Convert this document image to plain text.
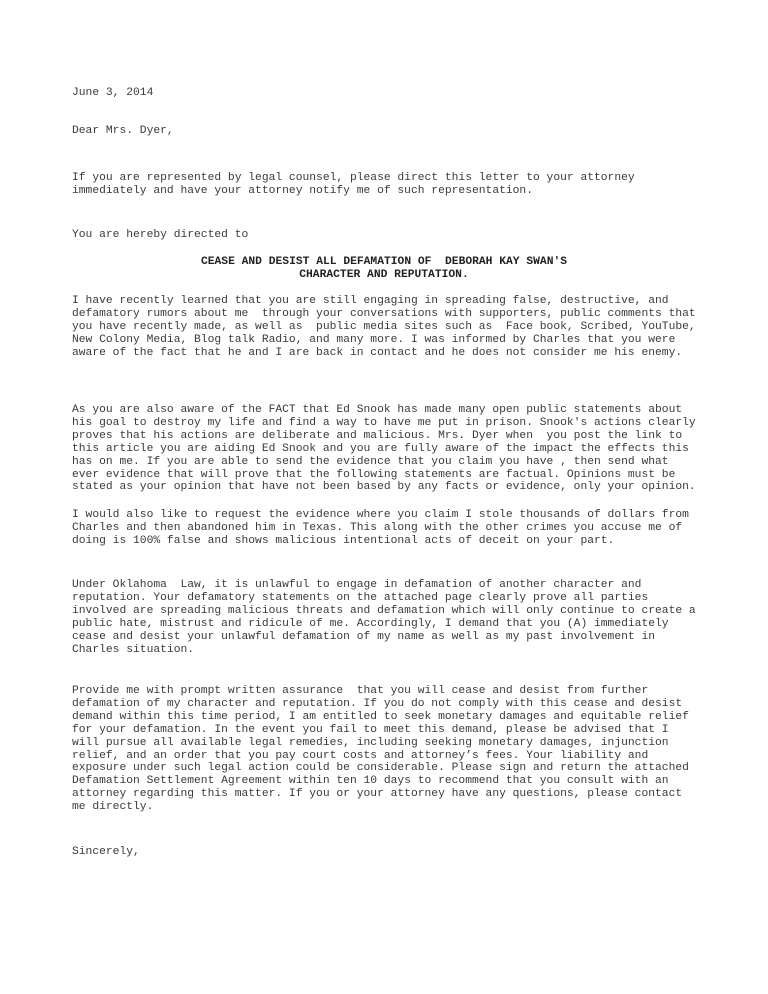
June 3, 2014
Dear Mrs. Dyer,
If you are represented by legal counsel, please direct this letter to your attorney
immediately and have your attorney notify me of such representation.
You are hereby directed to
CEASE AND DESIST ALL DEFAMATION OF  DEBORAH KAY SWAN'S
CHARACTER AND REPUTATION.
I have recently learned that you are still engaging in spreading false, destructive, and
defamatory rumors about me  through your conversations with supporters, public comments that
you have recently made, as well as  public media sites such as  Face book, Scribed, YouTube,
New Colony Media, Blog talk Radio, and many more. I was informed by Charles that you were
aware of the fact that he and I are back in contact and he does not consider me his enemy.
As you are also aware of the FACT that Ed Snook has made many open public statements about
his goal to destroy my life and find a way to have me put in prison. Snook's actions clearly
proves that his actions are deliberate and malicious. Mrs. Dyer when  you post the link to
this article you are aiding Ed Snook and you are fully aware of the impact the effects this
has on me. If you are able to send the evidence that you claim you have , then send what
ever evidence that will prove that the following statements are factual. Opinions must be
stated as your opinion that have not been based by any facts or evidence, only your opinion.
I would also like to request the evidence where you claim I stole thousands of dollars from
Charles and then abandoned him in Texas. This along with the other crimes you accuse me of
doing is 100% false and shows malicious intentional acts of deceit on your part.
Under Oklahoma  Law, it is unlawful to engage in defamation of another character and
reputation. Your defamatory statements on the attached page clearly prove all parties
involved are spreading malicious threats and defamation which will only continue to create a
public hate, mistrust and ridicule of me. Accordingly, I demand that you (A) immediately
cease and desist your unlawful defamation of my name as well as my past involvement in
Charles situation.
Provide me with prompt written assurance  that you will cease and desist from further
defamation of my character and reputation. If you do not comply with this cease and desist
demand within this time period, I am entitled to seek monetary damages and equitable relief
for your defamation. In the event you fail to meet this demand, please be advised that I
will pursue all available legal remedies, including seeking monetary damages, injunction
relief, and an order that you pay court costs and attorney’s fees. Your liability and
exposure under such legal action could be considerable. Please sign and return the attached
Defamation Settlement Agreement within ten 10 days to recommend that you consult with an
attorney regarding this matter. If you or your attorney have any questions, please contact
me directly.
Sincerely,
